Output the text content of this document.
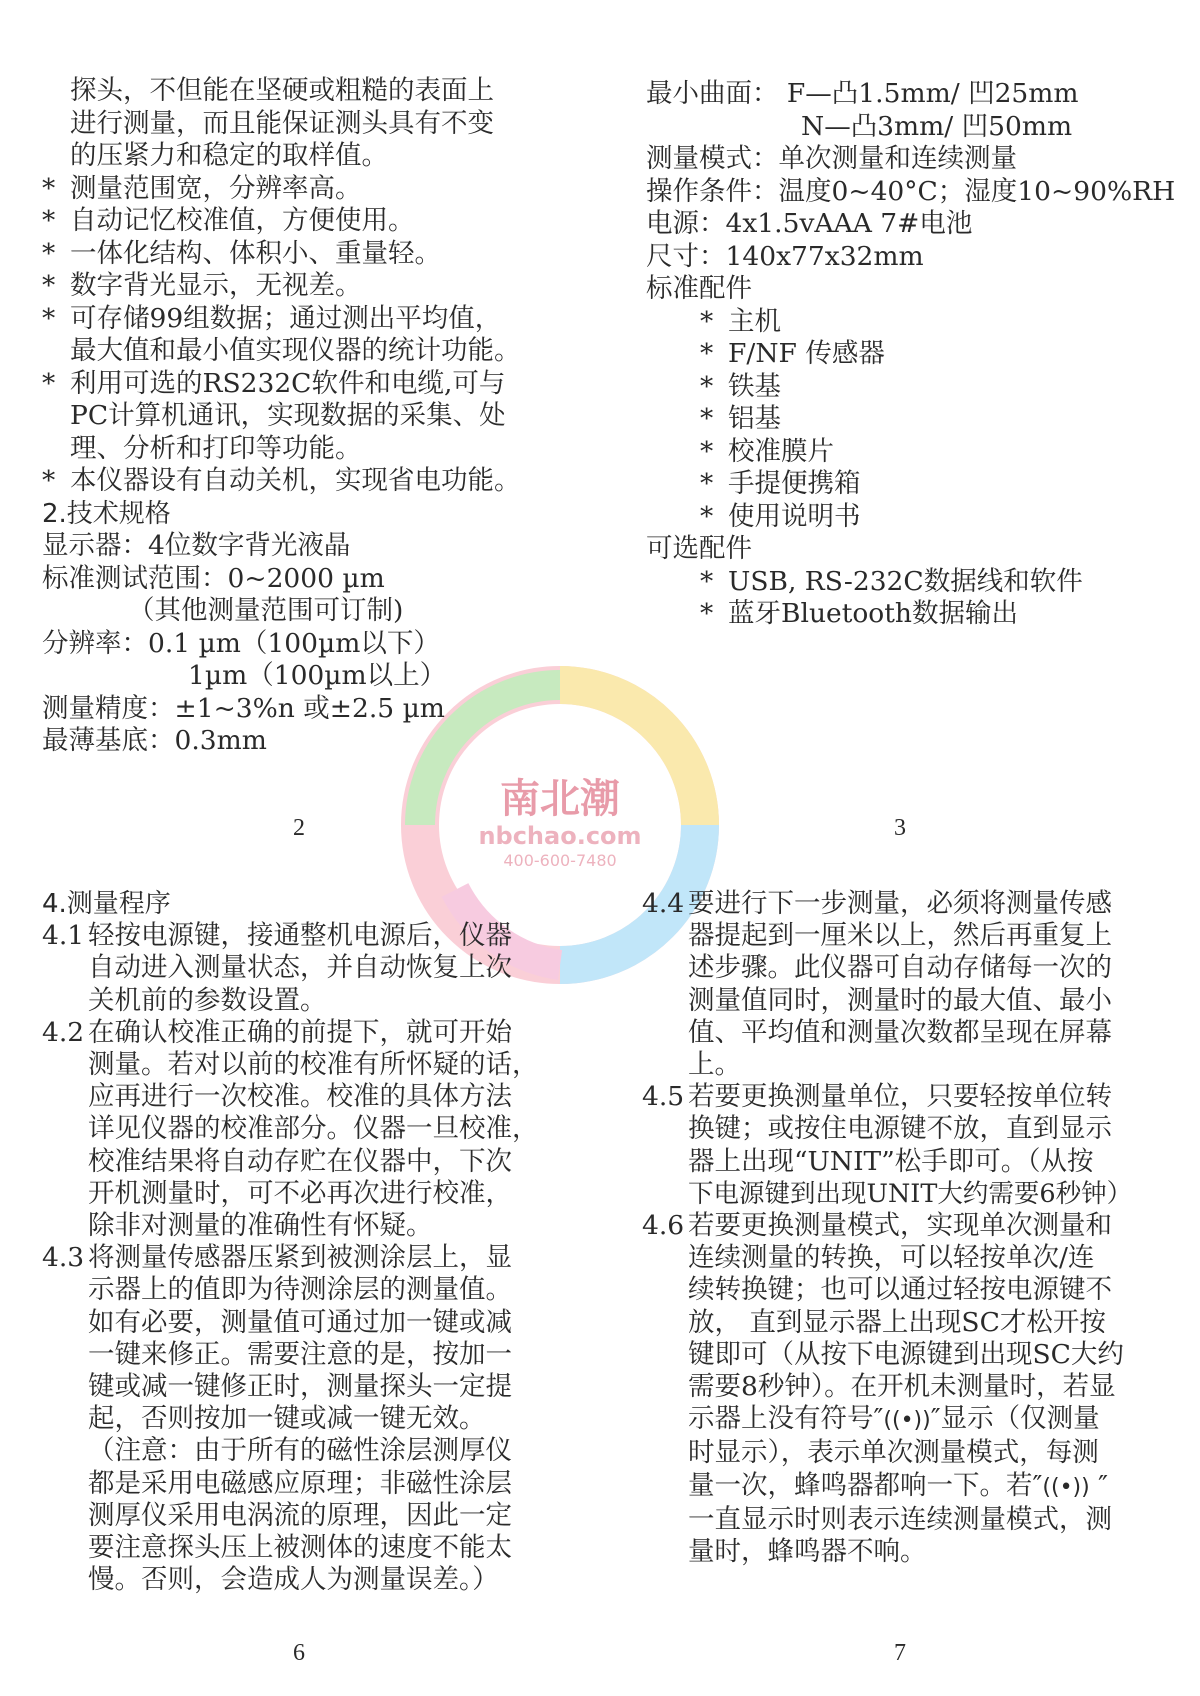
南北潮
nbchao.com
400-600-7480
探头，不但能在坚硬或粗糙的表面上
进行测量，而且能保证测头具有不变
的压紧力和稳定的取样值。
* 测量范围宽，分辨率高。
* 自动记忆校准值，方便使用。
* 一体化结构、体积小、重量轻。
* 数字背光显示，无视差。
* 可存储99组数据；通过测出平均值，
最大值和最小值实现仪器的统计功能。
* 利用可选的RS232C软件和电缆,可与
PC计算机通讯，实现数据的采集、处
理、分析和打印等功能。
* 本仪器设有自动关机，实现省电功能。
2.技术规格
显示器：4位数字背光液晶
标准测试范围：0~2000 µm
（其他测量范围可订制)
分辨率：0.1 µm（100µm以下）
1µm（100µm以上）
测量精度：±1~3%n 或±2.5 µm
最薄基底：0.3mm
2
最小曲面： F—凸1.5mm/ 凹25mm
N—凸3mm/ 凹50mm
测量模式：单次测量和连续测量
操作条件：温度0~40°C；湿度10~90%RH
电源：4x1.5vAAA 7#电池
尺寸：140x77x32mm
标准配件
* 主机
* F/NF 传感器
* 铁基
* 铝基
* 校准膜片
* 手提便携箱
* 使用说明书
可选配件
* USB, RS-232C数据线和软件
* 蓝牙Bluetooth数据输出
3
4.测量程序
4.1 轻按电源键，接通整机电源后，仪器
自动进入测量状态，并自动恢复上次
关机前的参数设置。
4.2 在确认校准正确的前提下，就可开始
测量。若对以前的校准有所怀疑的话，
应再进行一次校准。校准的具体方法
详见仪器的校准部分。仪器一旦校准，
校准结果将自动存贮在仪器中，下次
开机测量时，可不必再次进行校准，
除非对测量的准确性有怀疑。
4.3 将测量传感器压紧到被测涂层上，显
示器上的值即为待测涂层的测量值。
如有必要，测量值可通过加一键或减
一键来修正。需要注意的是，按加一
键或减一键修正时，测量探头一定提
起，否则按加一键或减一键无效。
（注意：由于所有的磁性涂层测厚仪
都是采用电磁感应原理；非磁性涂层
测厚仪采用电涡流的原理，因此一定
要注意探头压上被测体的速度不能太
慢。否则，会造成人为测量误差。）
6
4.4 要进行下一步测量，必须将测量传感
器提起到一厘米以上，然后再重复上
述步骤。此仪器可自动存储每一次的
测量值同时，测量时的最大值、最小
值、平均值和测量次数都呈现在屏幕
上。
4.5 若要更换测量单位，只要轻按单位转
换键；或按住电源键不放，直到显示
器上出现“UNIT”松手即可。（从按
下电源键到出现UNIT大约需要6秒钟）
4.6 若要更换测量模式，实现单次测量和
连续测量的转换，可以轻按单次/连
续转换键；也可以通过轻按电源键不
放， 直到显示器上出现SC才松开按
键即可（从按下电源键到出现SC大约
需要8秒钟）。在开机未测量时，若显
示器上没有符号″((•))″显示（仅测量
时显示），表示单次测量模式，每测
量一次，蜂鸣器都响一下。若″((•)) ″
一直显示时则表示连续测量模式，测
量时，蜂鸣器不响。
7
